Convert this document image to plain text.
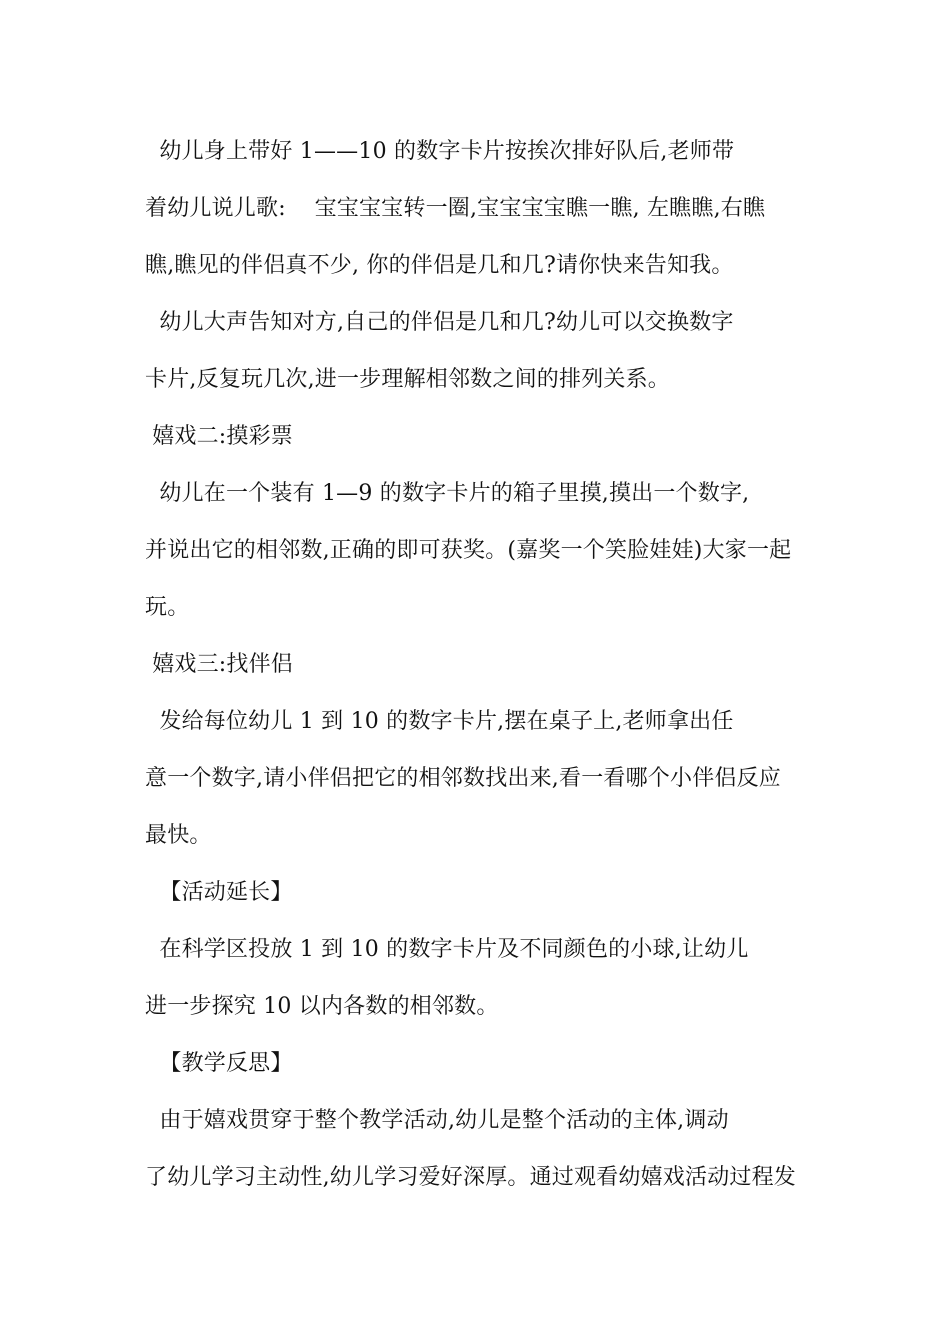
幼儿身上带好 1——10 的数字卡片按挨次排好队后,老师带
着幼儿说儿歌:    宝宝宝宝转一圈,宝宝宝宝瞧一瞧, 左瞧瞧,右瞧
瞧,瞧见的伴侣真不少, 你的伴侣是几和几?请你快来告知我。
幼儿大声告知对方,自己的伴侣是几和几?幼儿可以交换数字
卡片,反复玩几次,进一步理解相邻数之间的排列关系。
嬉戏二:摸彩票
幼儿在一个装有 1—9 的数字卡片的箱子里摸,摸出一个数字,
并说出它的相邻数,正确的即可获奖。(嘉奖一个笑脸娃娃)大家一起
玩。
嬉戏三:找伴侣
发给每位幼儿 1 到 10 的数字卡片,摆在桌子上,老师拿出任
意一个数字,请小伴侣把它的相邻数找出来,看一看哪个小伴侣反应
最快。
【活动延长】
在科学区投放 1 到 10 的数字卡片及不同颜色的小球,让幼儿
进一步探究 10 以内各数的相邻数。
【教学反思】
由于嬉戏贯穿于整个教学活动,幼儿是整个活动的主体,调动
了幼儿学习主动性,幼儿学习爱好深厚。通过观看幼嬉戏活动过程发
